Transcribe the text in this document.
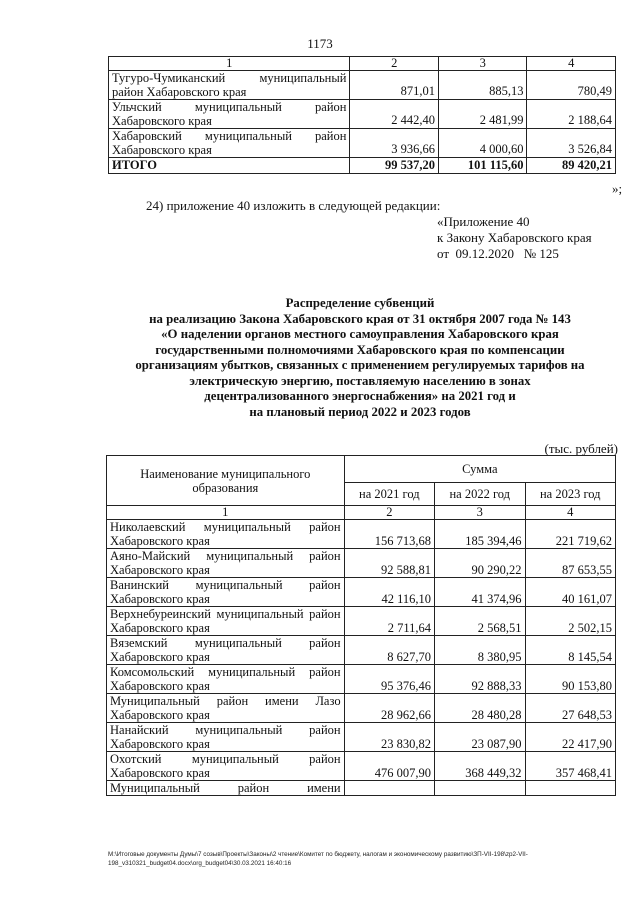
1173
1	2	3	4
Тугуро-Чумиканский муниципальный район Хабаровского края	871,01	885,13	780,49
Ульчский муниципальный район Хабаровского края	2 442,40	2 481,99	2 188,64
Хабаровский муниципальный район Хабаровского края	3 936,66	4 000,60	3 526,84
ИТОГО	99 537,20	101 115,60	89 420,21
»;
24) приложение 40 изложить в следующей редакции:
«Приложение 40
к Закону Хабаровского края
от  09.12.2020   № 125
Распределение субвенций
на реализацию Закона Хабаровского края от 31 октября 2007 года № 143
«О наделении органов местного самоуправления Хабаровского края
государственными полномочиями Хабаровского края по компенсации
организациям убытков, связанных с применением регулируемых тарифов на
электрическую энергию, поставляемую населению в зонах
децентрализованного энергоснабжения» на 2021 год и
на плановый период 2022 и 2023 годов
(тыс. рублей)
Наименование муниципального образования	Сумма		
	на 2021 год	на 2022 год	на 2023 год
1	2	3	4
Николаевский муниципальный район Хабаровского края	156 713,68	185 394,46	221 719,62
Аяно-Майский муниципальный район Хабаровского края	92 588,81	90 290,22	87 653,55
Ванинский муниципальный район Хабаровского края	42 116,10	41 374,96	40 161,07
Верхнебуреинский муниципальный район Хабаровского края	2 711,64	2 568,51	2 502,15
Вяземский муниципальный район Хабаровского края	8 627,70	8 380,95	8 145,54
Комсомольский муниципальный район Хабаровского края	95 376,46	92 888,33	90 153,80
Муниципальный район имени Лазо Хабаровского края	28 962,66	28 480,28	27 648,53
Нанайский муниципальный район Хабаровского края	23 830,82	23 087,90	22 417,90
Охотский муниципальный район Хабаровского края	476 007,90	368 449,32	357 468,41
Муниципальный район имени			
M:\Итоговые документы Думы\7 созыв\Проекты\Законы\2 чтение\Комитет по бюджету, налогам и экономическому развитию\ЗП-VII-198\zp2-VII-198_v310321_budget04.docx\org_budget04\30.03.2021 16:40:16
